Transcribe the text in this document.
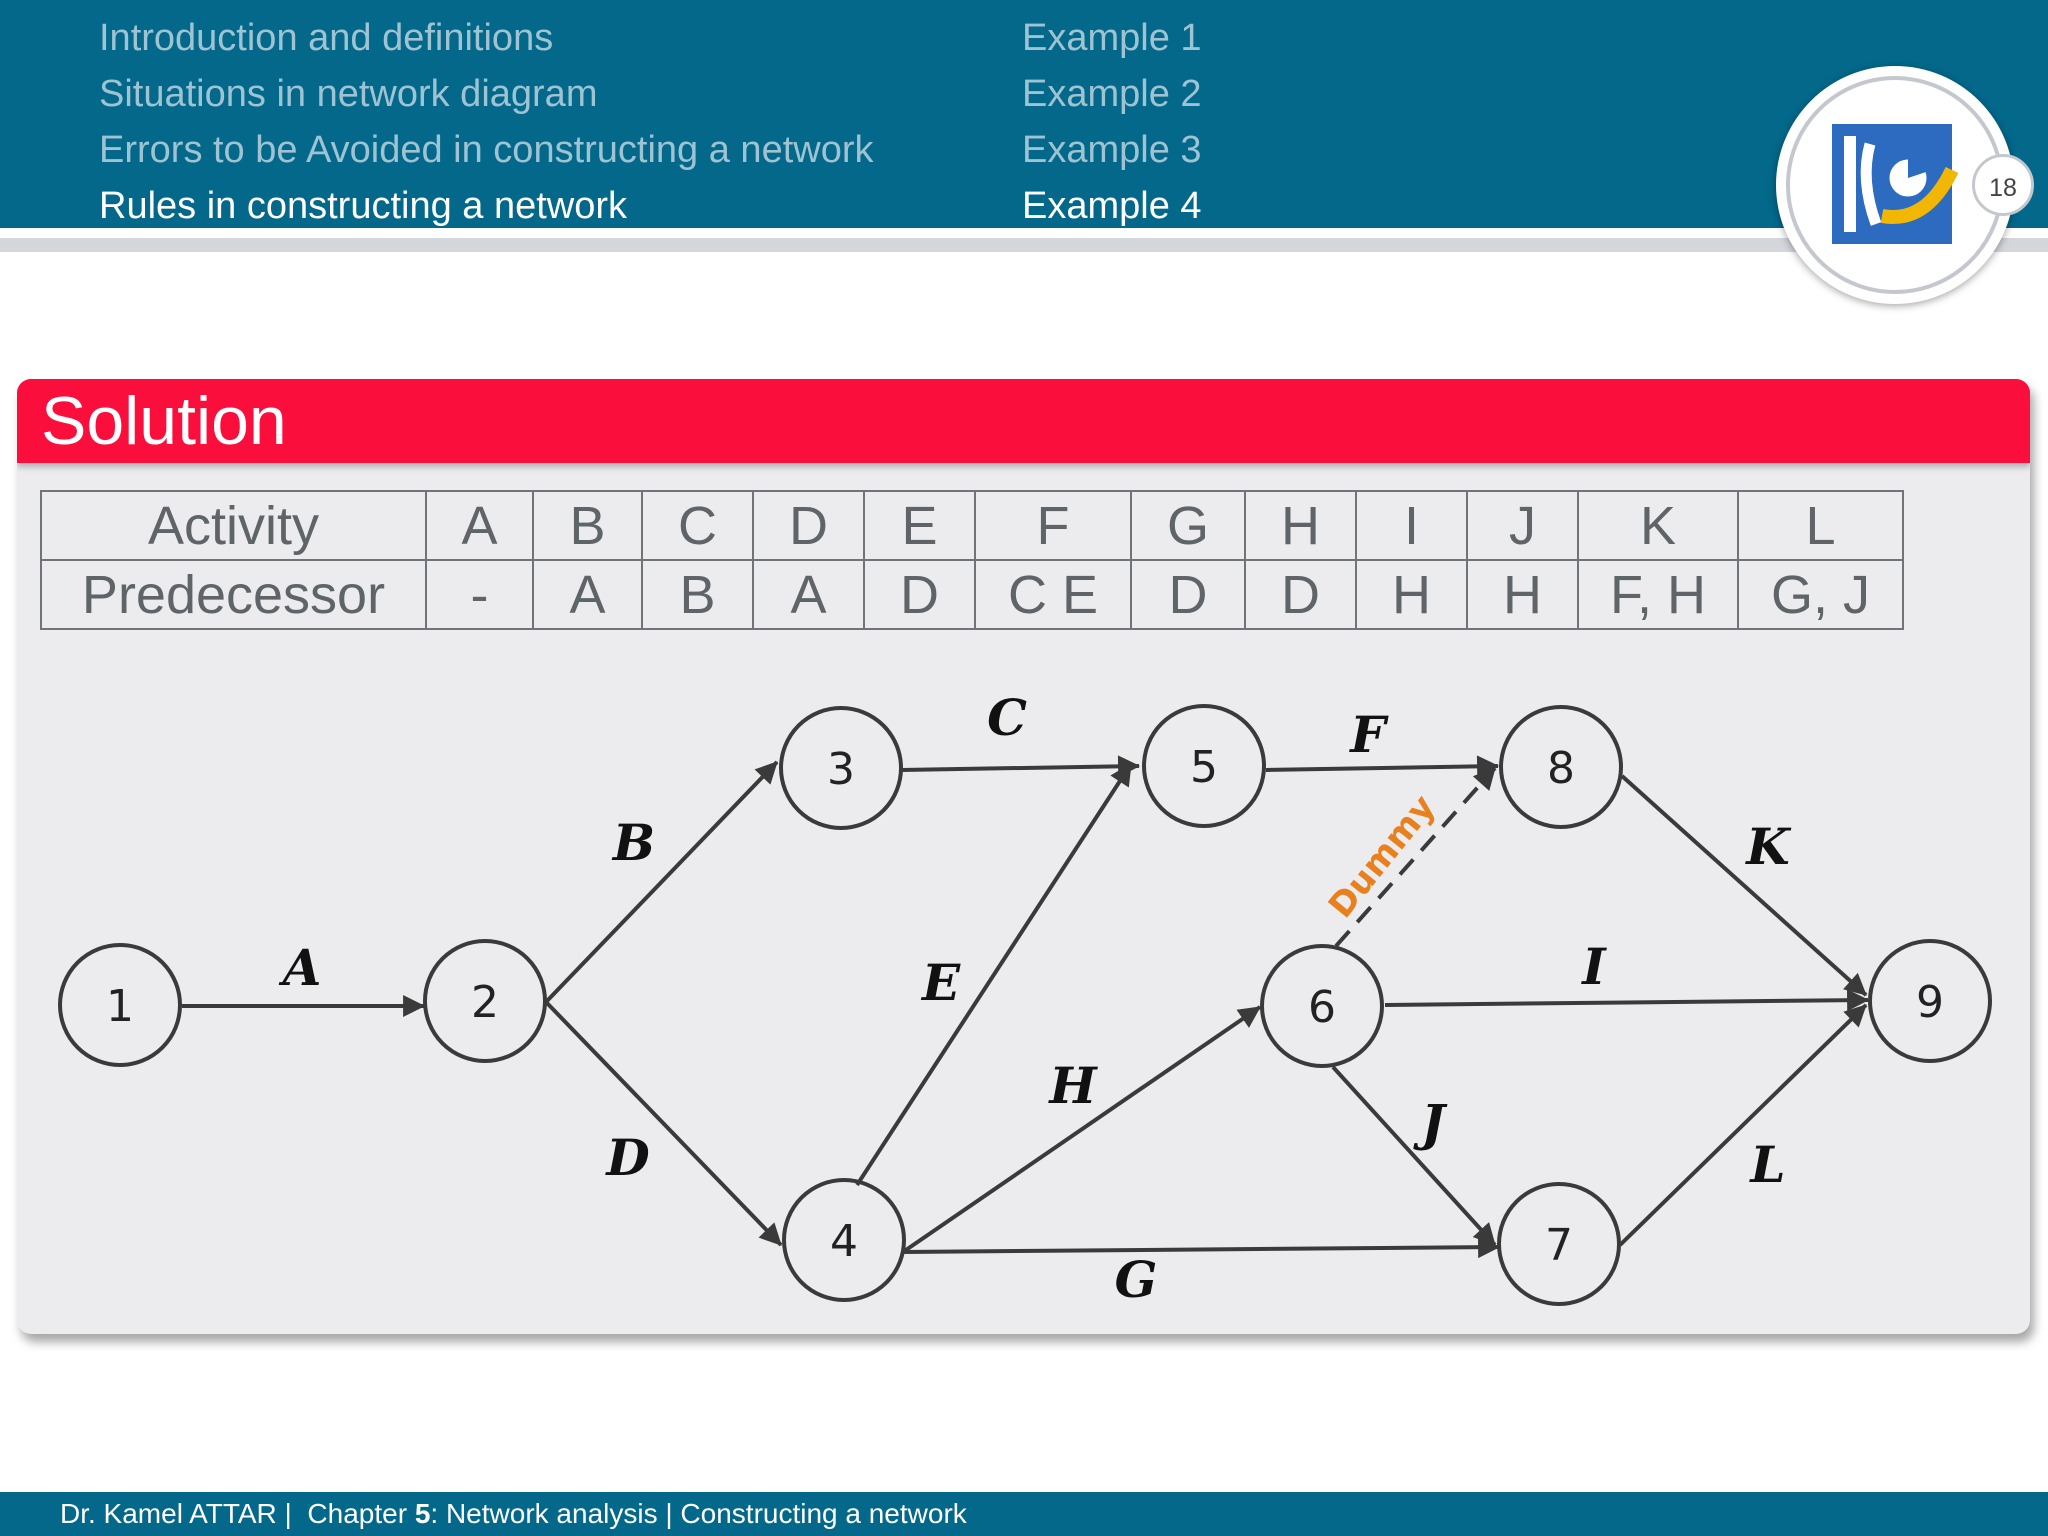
Introduction and definitions
Situations in network diagram
Errors to be Avoided in constructing a network
Rules in constructing a network
Example 1
Example 2
Example 3
Example 4	18
Solution
Activity	A	B	C	D	E	F	G	H	I	J	K	L
Predecessor	-	A	B	A	D	C E	D	D	H	H	F, H	G, J
1	2
3
4
5
6
7
8
9
A
B
D
C
E
H
G
F
Dummy
I
J
K
L
Dr. Kamel ATTAR |  Chapter 5: Network analysis | Constructing a network
